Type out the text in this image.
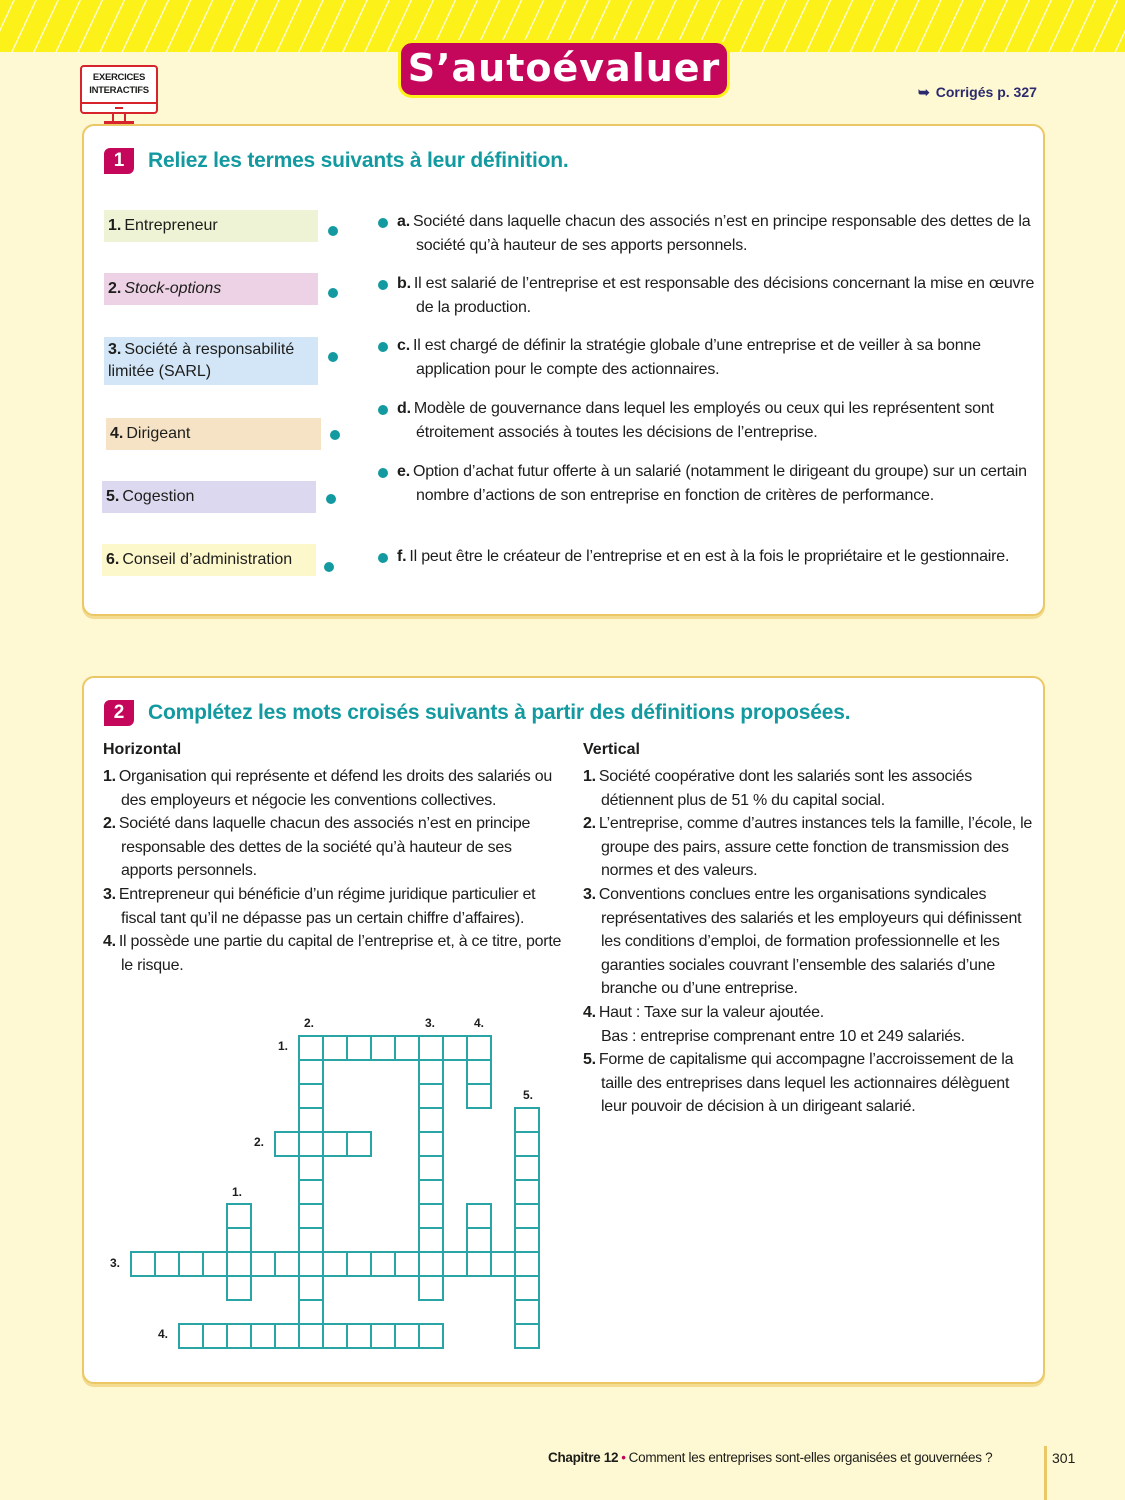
S’autoévaluer
EXERCICES
INTERACTIFS	➥ Corrigés p. 327
1	Reliez les termes suivants à leur définition.
1. Entrepreneur
2. Stock-options
3. Société à responsabilité
limitée (SARL)
4. Dirigeant
5. Cogestion
6. Conseil d’administration
a. Société dans laquelle chacun des associés n’est en principe responsable des dettes de la société qu’à hauteur de ses apports personnels.
b. Il est salarié de l’entreprise et est responsable des décisions concernant la mise en œuvre de la production.
c. Il est chargé de définir la stratégie globale d’une entreprise et de veiller à sa bonne application pour le compte des actionnaires.
d. Modèle de gouvernance dans lequel les employés ou ceux qui les représentent sont étroitement associés à toutes les décisions de l’entreprise.
e. Option d’achat futur offerte à un salarié (notamment le dirigeant du groupe) sur un certain nombre d’actions de son entreprise en fonction de critères de performance.
f. Il peut être le créateur de l’entreprise et en est à la fois le propriétaire et le gestionnaire.
2	Complétez les mots croisés suivants à partir des définitions proposées.
Horizontal
1. Organisation qui représente et défend les droits des salariés ou des employeurs et négocie les conventions collectives.
2. Société dans laquelle chacun des associés n’est en principe responsable des dettes de la société qu’à hauteur de ses apports personnels.
3. Entrepreneur qui bénéficie d’un régime juridique particulier et fiscal tant qu’il ne dépasse pas un certain chiffre d’affaires).
4. Il possède une partie du capital de l’entreprise et, à ce titre, porte le risque.
Vertical
1. Société coopérative dont les salariés sont les associés détiennent plus de 51 % du capital social.
2. L’entreprise, comme d’autres instances tels la famille, l’école, le groupe des pairs, assure cette fonction de transmission des normes et des valeurs.
3. Conventions conclues entre les organisations syndicales représentatives des salariés et les employeurs qui définissent les conditions d’emploi, de formation professionnelle et les garanties sociales couvrant l’ensemble des salariés d’une branche ou d’une entreprise.
4. Haut : Taxe sur la valeur ajoutée.
Bas : entreprise comprenant entre 10 et 249 salariés.
5. Forme de capitalisme qui accompagne l’accroissement de la taille des entreprises dans lequel les actionnaires délèguent leur pouvoir de décision à un dirigeant salarié.
1.
2.
3.
4.
2.	3.	4.
5.
1.
Chapitre 12 • Comment les entreprises sont-elles organisées et gouvernées ?	301
